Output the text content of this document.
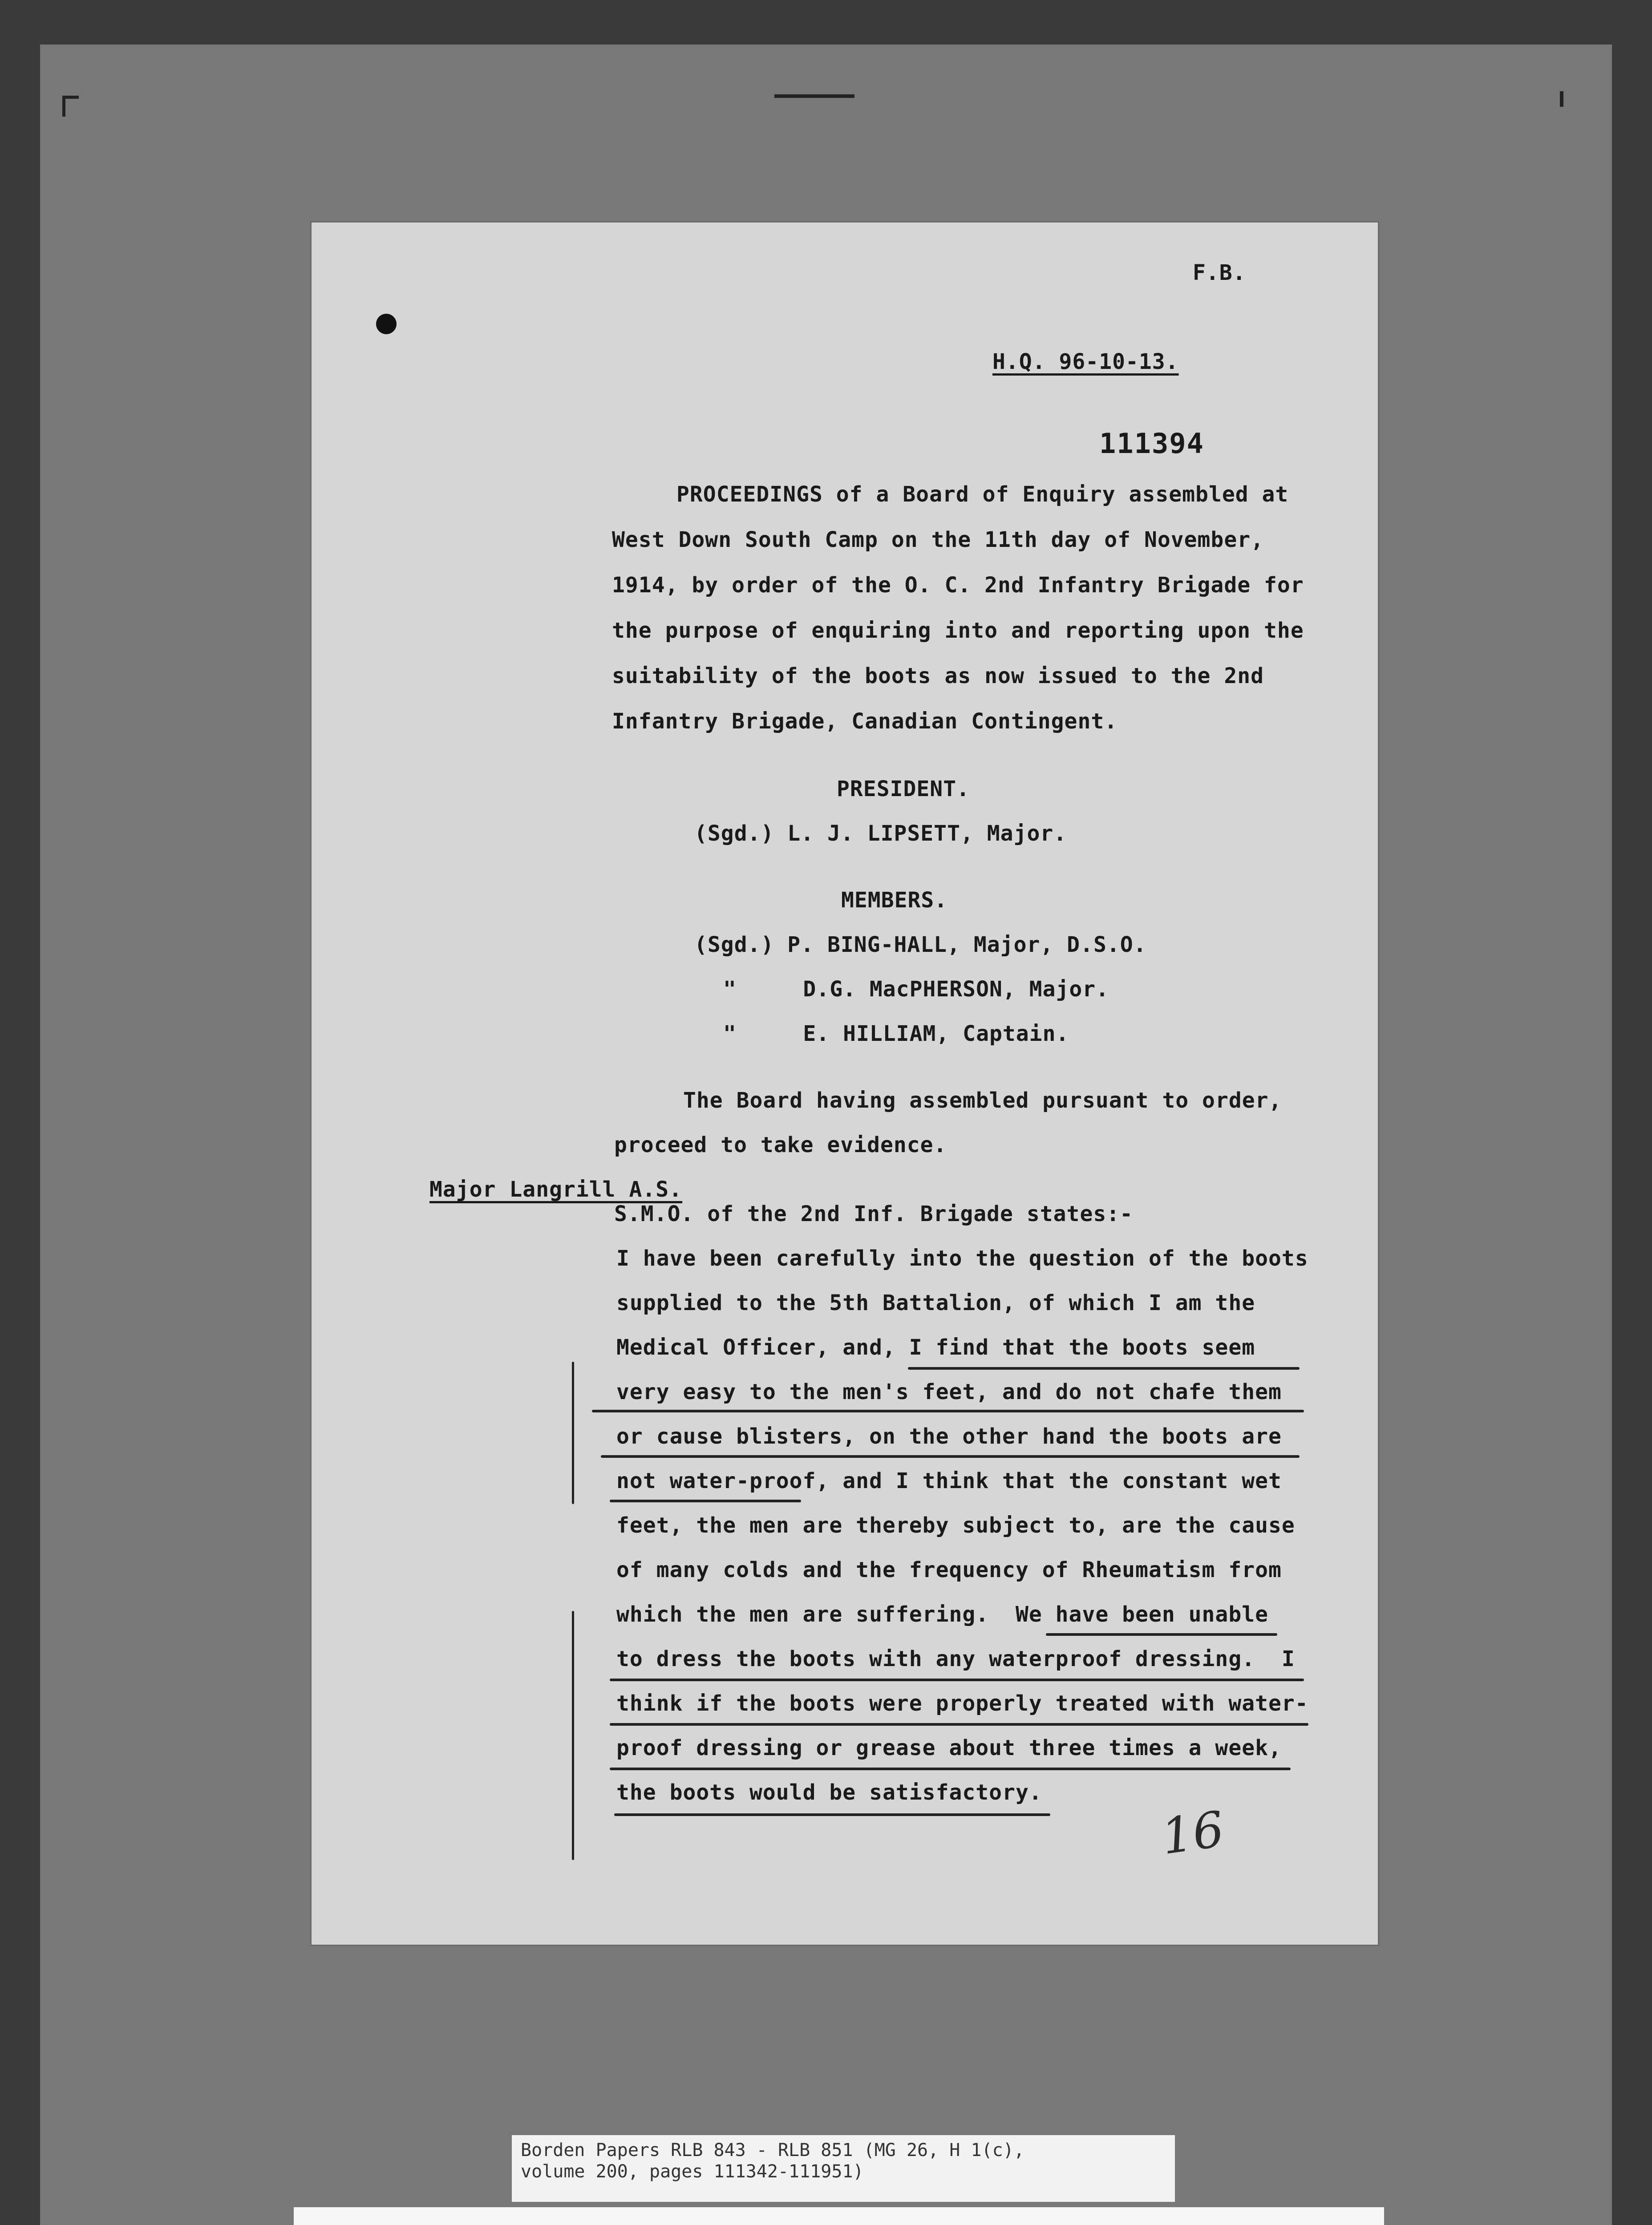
F.B.
H.Q. 96-10-13.
111394
PROCEEDINGS of a Board of Enquiry assembled at
West Down South Camp on the 11th day of November,
1914, by order of the O. C. 2nd Infantry Brigade for
the purpose of enquiring into and reporting upon the
suitability of the boots as now issued to the 2nd
Infantry Brigade, Canadian Contingent.
PRESIDENT.
(Sgd.) L. J. LIPSETT, Major.
MEMBERS.
(Sgd.) P. BING-HALL, Major, D.S.O.
"     D.G. MacPHERSON, Major.
"     E. HILLIAM, Captain.
The Board having assembled pursuant to order,
proceed to take evidence.
Major Langrill A.S.
S.M.O. of the 2nd Inf. Brigade states:-
I have been carefully into the question of the boots
supplied to the 5th Battalion, of which I am the
Medical Officer, and, I find that the boots seem
very easy to the men's feet, and do not chafe them
or cause blisters, on the other hand the boots are
not water-proof, and I think that the constant wet
feet, the men are thereby subject to, are the cause
of many colds and the frequency of Rheumatism from
which the men are suffering.  We have been unable
to dress the boots with any waterproof dressing.  I
think if the boots were properly treated with water-
proof dressing or grease about three times a week,
the boots would be satisfactory.
16
Borden Papers RLB 843 - RLB 851 (MG 26, H 1(c),
volume 200, pages 111342-111951)
